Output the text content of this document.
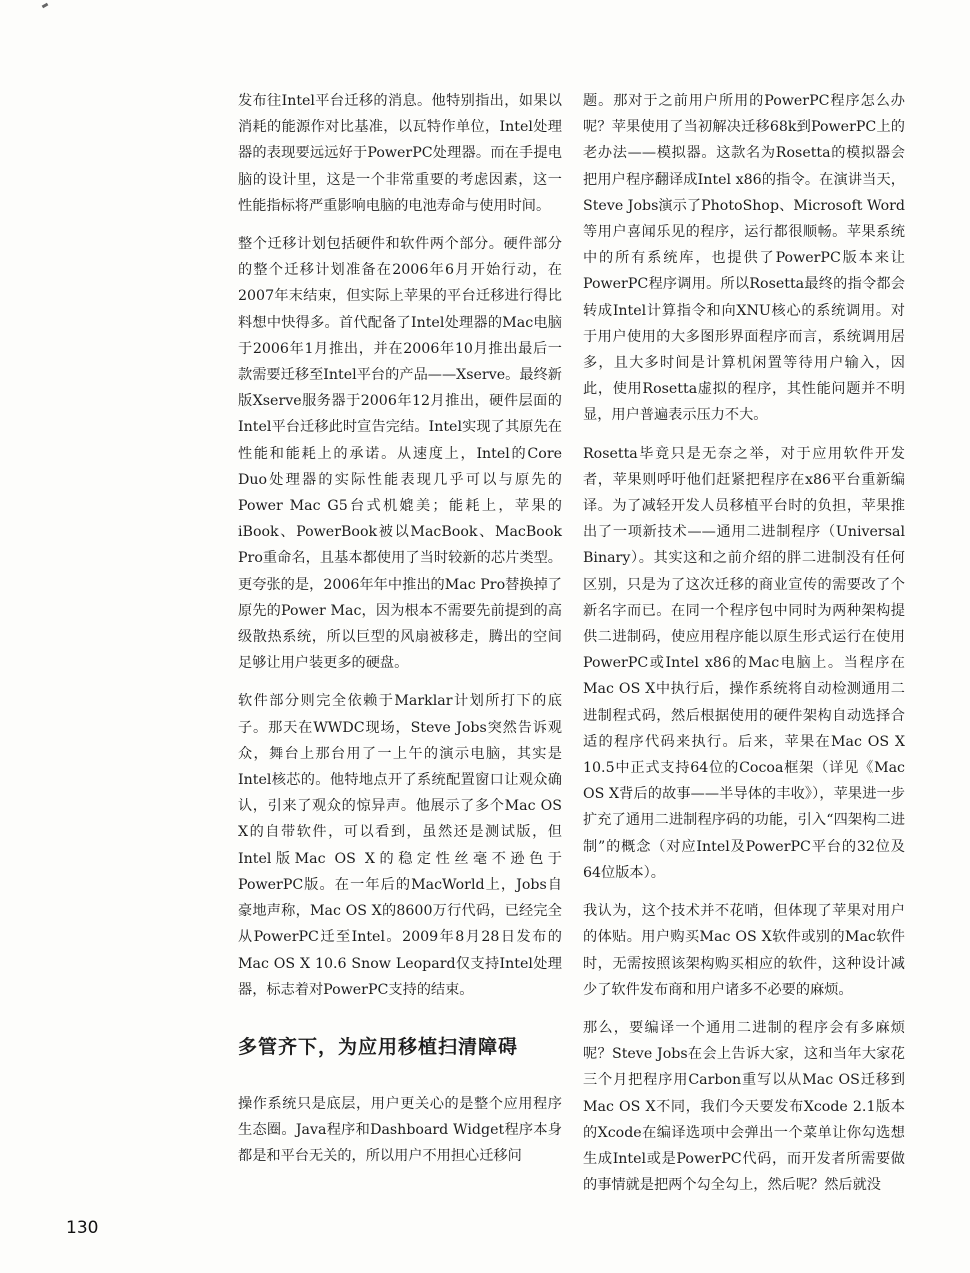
发布往Intel平台迁移的消息。他特别指出，如果以消耗的能源作对比基准，以瓦特作单位，Intel处理器的表现要远远好于PowerPC处理器。而在手提电脑的设计里，这是一个非常重要的考虑因素，这一性能指标将严重影响电脑的电池寿命与使用时间。

整个迁移计划包括硬件和软件两个部分。硬件部分的整个迁移计划准备在2006年6月开始行动，在2007年末结束，但实际上苹果的平台迁移进行得比料想中快得多。首代配备了Intel处理器的Mac电脑于2006年1月推出，并在2006年10月推出最后一款需要迁移至Intel平台的产品——Xserve。最终新版Xserve服务器于2006年12月推出，硬件层面的Intel平台迁移此时宣告完结。Intel实现了其原先在性能和能耗上的承诺。从速度上，Intel的Core Duo处理器的实际性能表现几乎可以与原先的Power Mac G5台式机媲美；能耗上，苹果的iBook、PowerBook被以MacBook、MacBook Pro重命名，且基本都使用了当时较新的芯片类型。更夸张的是，2006年年中推出的Mac Pro替换掉了原先的Power Mac，因为根本不需要先前提到的高级散热系统，所以巨型的风扇被移走，腾出的空间足够让用户装更多的硬盘。

软件部分则完全依赖于Marklar计划所打下的底子。那天在WWDC现场，Steve Jobs突然告诉观众，舞台上那台用了一上午的演示电脑，其实是Intel核芯的。他特地点开了系统配置窗口让观众确认，引来了观众的惊异声。他展示了多个Mac OS X的自带软件，可以看到，虽然还是测试版，但Intel版Mac OS X的稳定性丝毫不逊色于PowerPC版。在一年后的MacWorld上，Jobs自豪地声称，Mac OS X的8600万行代码，已经完全从PowerPC迁至Intel。2009年8月28日发布的Mac OS X 10.6 Snow Leopard仅支持Intel处理器，标志着对PowerPC支持的结束。

多管齐下，为应用移植扫清障碍

操作系统只是底层，用户更关心的是整个应用程序生态圈。Java程序和Dashboard Widget程序本身都是和平台无关的，所以用户不用担心迁移问

题。那对于之前用户所用的PowerPC程序怎么办呢？苹果使用了当初解决迁移68k到PowerPC上的老办法——模拟器。这款名为Rosetta的模拟器会把用户程序翻译成Intel x86的指令。在演讲当天，Steve Jobs演示了PhotoShop、Microsoft Word等用户喜闻乐见的程序，运行都很顺畅。苹果系统中的所有系统库，也提供了PowerPC版本来让PowerPC程序调用。所以Rosetta最终的指令都会转成Intel计算指令和向XNU核心的系统调用。对于用户使用的大多图形界面程序而言，系统调用居多，且大多时间是计算机闲置等待用户输入，因此，使用Rosetta虚拟的程序，其性能问题并不明显，用户普遍表示压力不大。

Rosetta毕竟只是无奈之举，对于应用软件开发者，苹果则呼吁他们赶紧把程序在x86平台重新编译。为了减轻开发人员移植平台时的负担，苹果推出了一项新技术——通用二进制程序（Universal Binary）。其实这和之前介绍的胖二进制没有任何区别，只是为了这次迁移的商业宣传的需要改了个新名字而已。在同一个程序包中同时为两种架构提供二进制码，使应用程序能以原生形式运行在使用PowerPC或Intel x86的Mac电脑上。当程序在Mac OS X中执行后，操作系统将自动检测通用二进制程式码，然后根据使用的硬件架构自动选择合适的程序代码来执行。后来，苹果在Mac OS X 10.5中正式支持64位的Cocoa框架（详见《Mac OS X背后的故事——半导体的丰收》），苹果进一步扩充了通用二进制程序码的功能，引入“四架构二进制”的概念（对应Intel及PowerPC平台的32位及64位版本）。

我认为，这个技术并不花哨，但体现了苹果对用户的体贴。用户购买Mac OS X软件或别的Mac软件时，无需按照该架构购买相应的软件，这种设计减少了软件发布商和用户诸多不必要的麻烦。

那么，要编译一个通用二进制的程序会有多麻烦呢？Steve Jobs在会上告诉大家，这和当年大家花三个月把程序用Carbon重写以从Mac OS迁移到Mac OS X不同，我们今天要发布Xcode 2.1版本的Xcode在编译选项中会弹出一个菜单让你勾选想生成Intel或是PowerPC代码，而开发者所需要做的事情就是把两个勾全勾上，然后呢？然后就没

130
